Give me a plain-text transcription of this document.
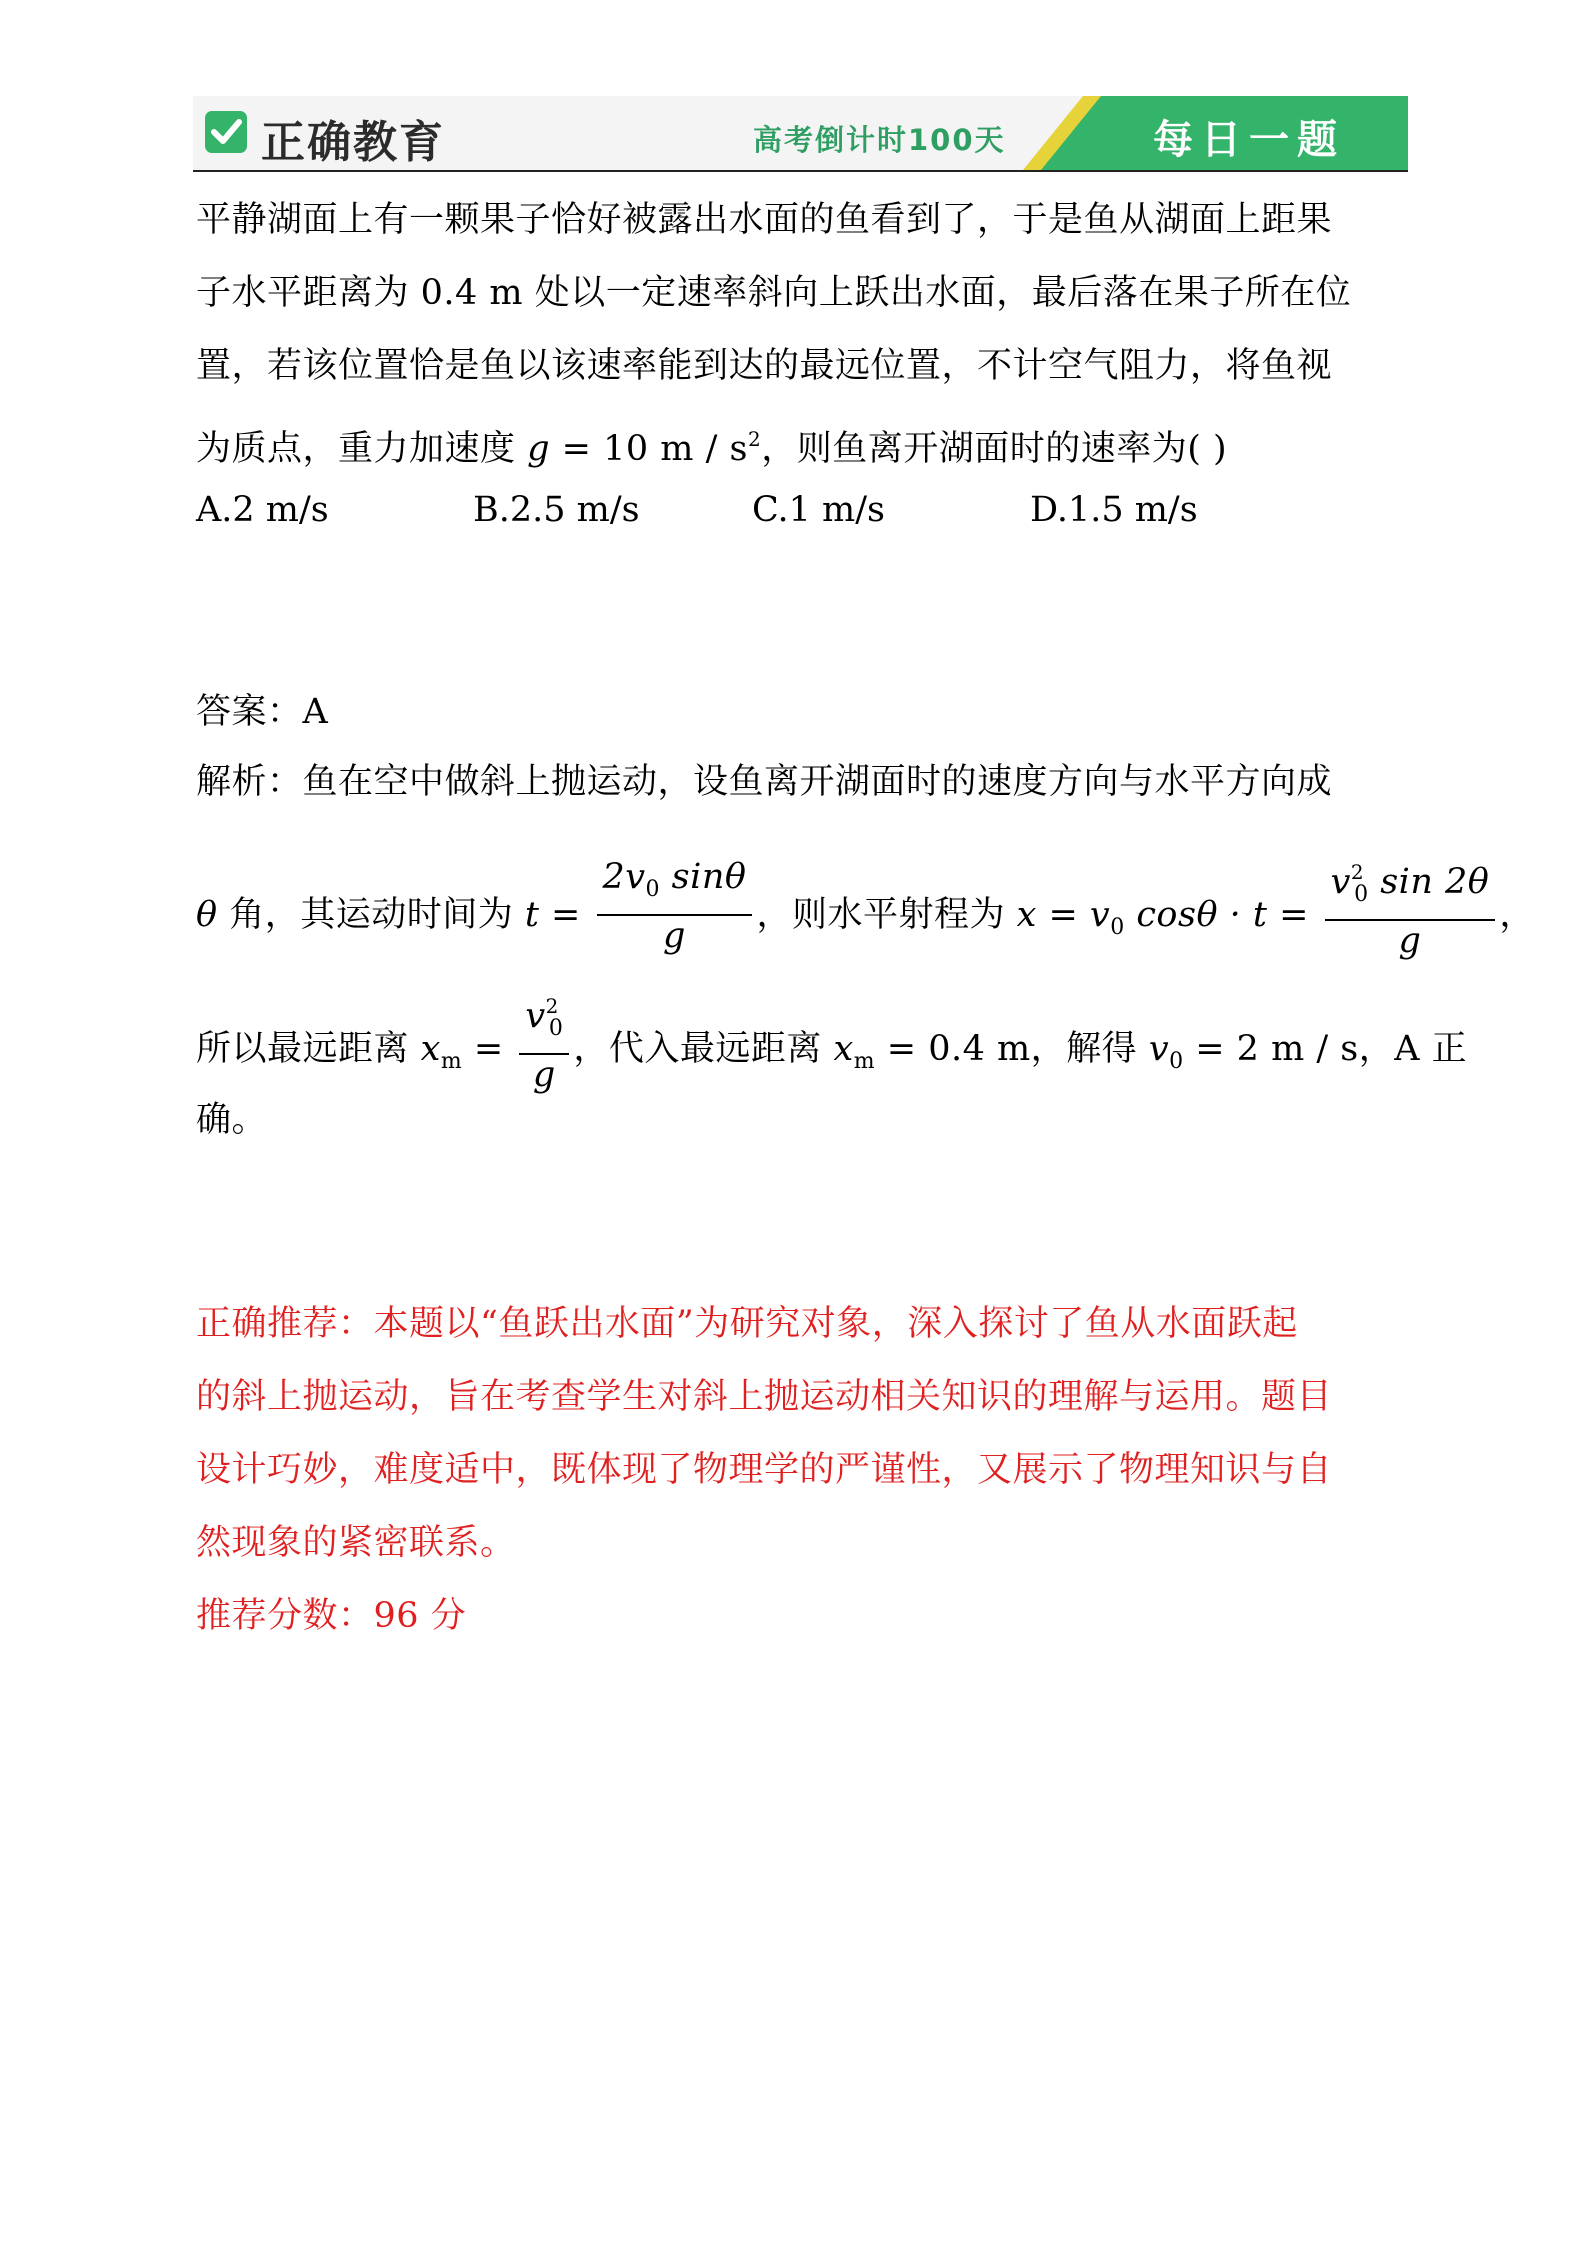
正确教育	高考倒计时100天	每日一题
平静湖面上有一颗果子恰好被露出水面的鱼看到了，于是鱼从湖面上距果
子水平距离为 0.4 m 处以一定速率斜向上跃出水面，最后落在果子所在位
置，若该位置恰是鱼以该速率能到达的最远位置，不计空气阻力，将鱼视
为质点，重力加速度 g = 10 m / $s^2$，则鱼离开湖面时的速率为( )
A.2 m/s	B.2.5 m/s	C.1 m/s	D.1.5 m/s
答案：A
解析：鱼在空中做斜上抛运动，设鱼离开湖面时的速度方向与水平方向成
θ 角，其运动时间为 $t = \frac{2v_0 \sin\theta}{g}$ ，则水平射程为 $x = v_0$ $\cos\theta \cdot t = \frac{v^2_0 \sin 2\theta}{g}$ ，
所以最远距离 $x_m = \frac{v^2_0}{g}$ ，代入最远距离 $x_m = 0.4$ m，解得 $v_0 = 2$ m / s，A 正
确。
正确推荐：本题以“鱼跃出水面”为研究对象，深入探讨了鱼从水面跃起
的斜上抛运动，旨在考查学生对斜上抛运动相关知识的理解与运用。题目
设计巧妙，难度适中，既体现了物理学的严谨性，又展示了物理知识与自
然现象的紧密联系。
推荐分数：96 分
